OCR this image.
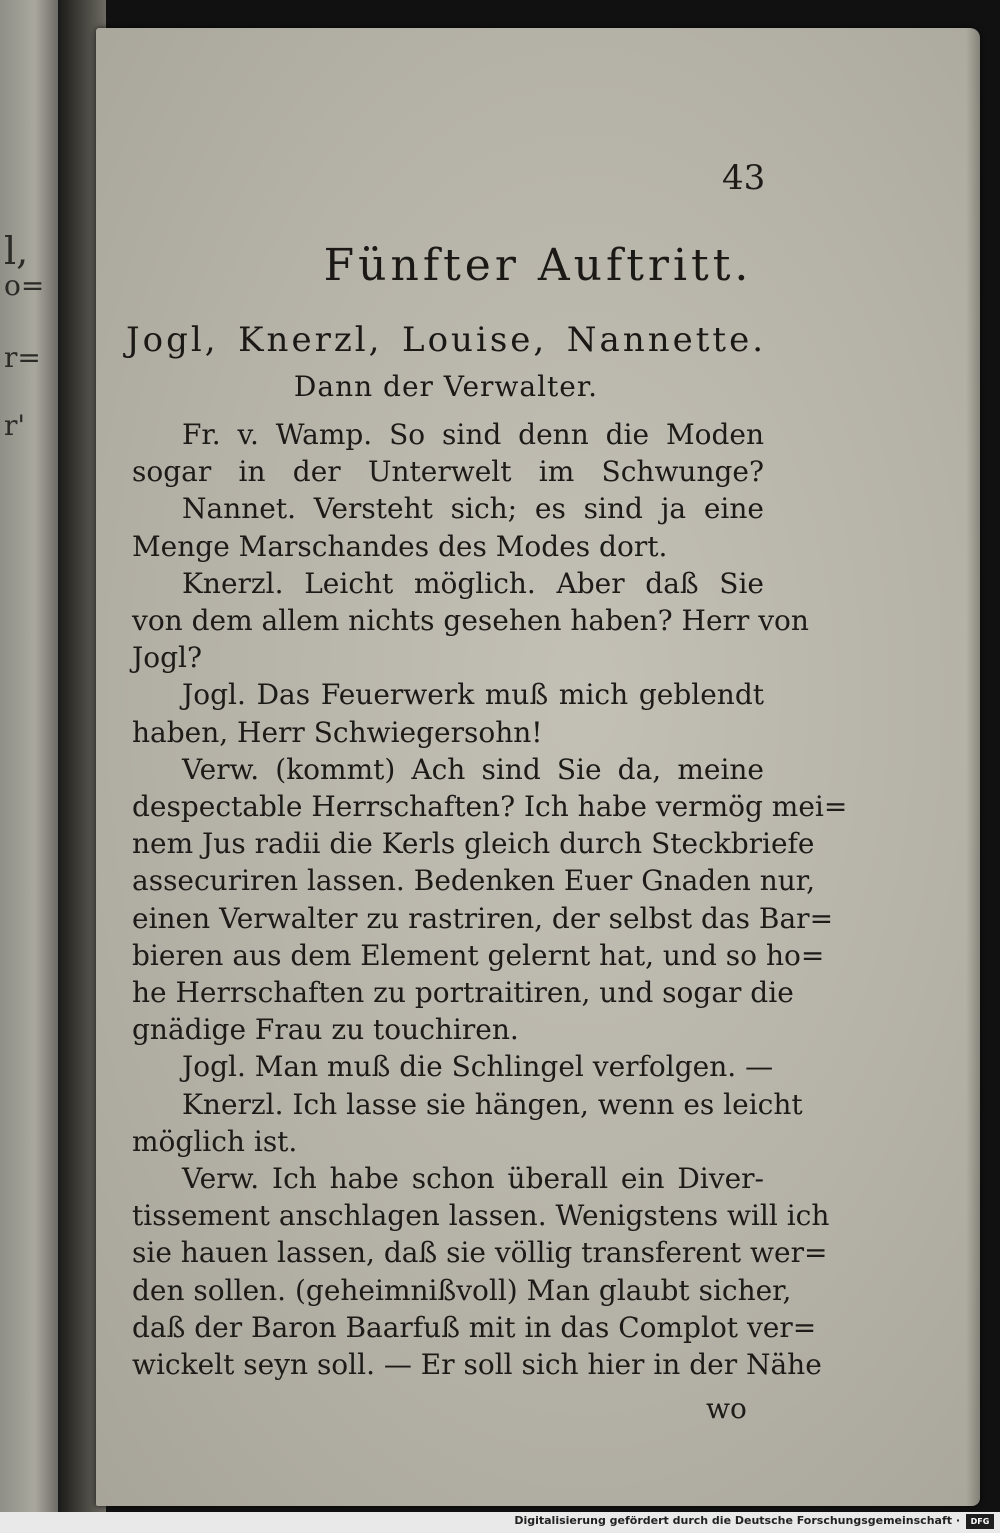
l,
o=
r=
r'
43
Fünfter Auftritt.
Jogl, Knerzl, Louise, Nannette.
Dann der Verwalter.
Fr. v. Wamp. So sind denn die Moden
sogar in der Unterwelt im Schwunge?
Nannet. Versteht sich; es sind ja eine
Menge Marschandes des Modes dort.
Knerzl. Leicht möglich. Aber daß Sie
von dem allem nichts gesehen haben? Herr von
Jogl?
Jogl. Das Feuerwerk muß mich geblendt
haben, Herr Schwiegersohn!
Verw. (kommt) Ach sind Sie da, meine
despectable Herrschaften? Ich habe vermög mei=
nem Jus radii die Kerls gleich durch Steckbriefe
assecuriren lassen. Bedenken Euer Gnaden nur,
einen Verwalter zu rastriren, der selbst das Bar=
bieren aus dem Element gelernt hat, und so ho=
he Herrschaften zu portraitiren, und sogar die
gnädige Frau zu touchiren.
Jogl. Man muß die Schlingel verfolgen. —
Knerzl. Ich lasse sie hängen, wenn es leicht
möglich ist.
Verw. Ich habe schon überall ein Diver-
tissement anschlagen lassen. Wenigstens will ich
sie hauen lassen, daß sie völlig transferent wer=
den sollen. (geheimnißvoll) Man glaubt sicher,
daß der Baron Baarfuß mit in das Complot ver=
wickelt seyn soll. — Er soll sich hier in der Nähe
wo
Digitalisierung gefördert durch die Deutsche Forschungsgemeinschaft ·	DFG
